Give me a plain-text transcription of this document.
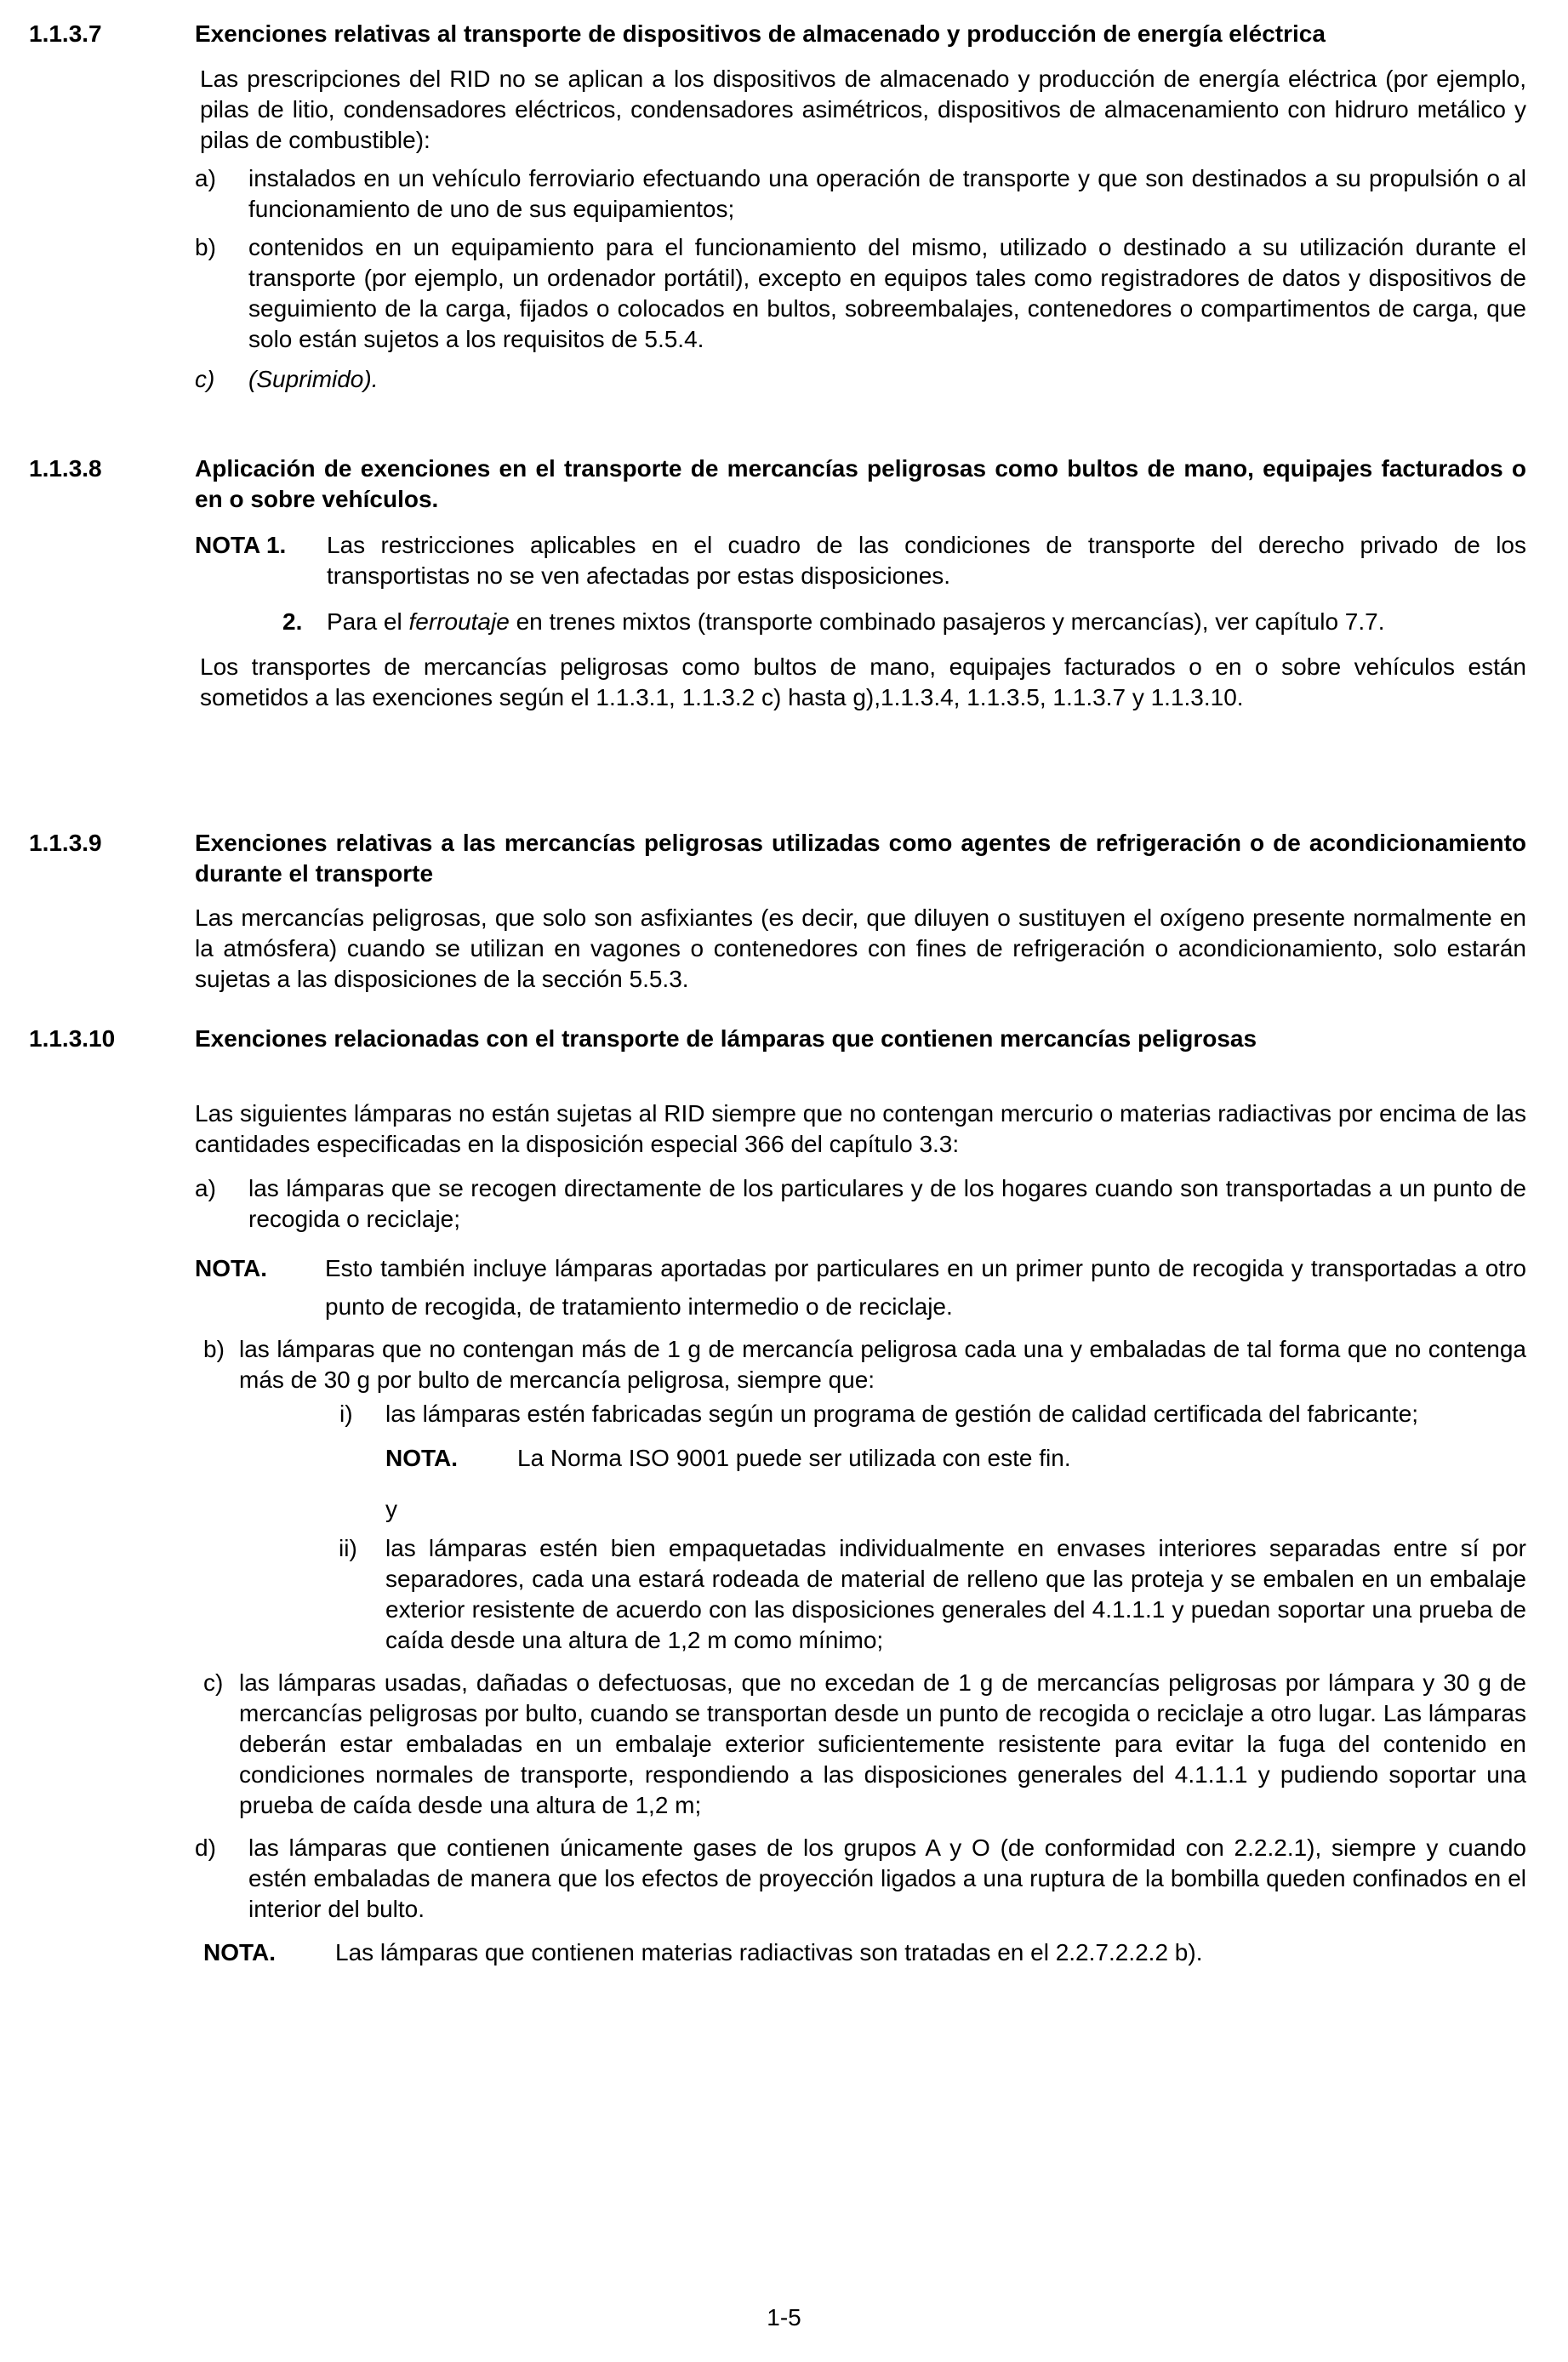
1.1.3.7	Exenciones relativas al transporte de dispositivos de almacenado y producción de energía eléctrica

Las prescripciones del RID no se aplican a los dispositivos de almacenado y producción de energía eléctrica (por ejemplo, pilas de litio, condensadores eléctricos, condensadores asimétricos, dispositivos de almacenamiento con hidruro metálico y pilas de combustible):

a) instalados en un vehículo ferroviario efectuando una operación de transporte y que son destinados a su propulsión o al funcionamiento de uno de sus equipamientos;

b) contenidos en un equipamiento para el funcionamiento del mismo, utilizado o destinado a su utilización durante el transporte (por ejemplo, un ordenador portátil), excepto en equipos tales como registradores de datos y dispositivos de seguimiento de la carga, fijados o colocados en bultos, sobreembalajes, contenedores o compartimentos de carga, que solo están sujetos a los requisitos de 5.5.4.

c) (Suprimido).

1.1.3.8	Aplicación de exenciones en el transporte de mercancías peligrosas como bultos de mano, equipajes facturados o en o sobre vehículos.
NOTA 1. Las restricciones aplicables en el cuadro de las condiciones de transporte del derecho privado de los transportistas no se ven afectadas por estas disposiciones.

2. Para el ferroutaje en trenes mixtos (transporte combinado pasajeros y mercancías), ver capítulo 7.7.

Los transportes de mercancías peligrosas como bultos de mano, equipajes facturados o en o sobre vehículos están sometidos a las exenciones según el 1.1.3.1, 1.1.3.2 c) hasta g),1.1.3.4, 1.1.3.5, 1.1.3.7 y 1.1.3.10.

1.1.3.9	Exenciones relativas a las mercancías peligrosas utilizadas como agentes de refrigeración o de acondicionamiento durante el transporte

Las mercancías peligrosas, que solo son asfixiantes (es decir, que diluyen o sustituyen el oxígeno presente normalmente en la atmósfera) cuando se utilizan en vagones o contenedores con fines de refrigeración o acondicionamiento, solo estarán sujetas a las disposiciones de la sección 5.5.3.

1.1.3.10	Exenciones relacionadas con el transporte de lámparas que contienen mercancías peligrosas

Las siguientes lámparas no están sujetas al RID siempre que no contengan mercurio o materias radiactivas por encima de las cantidades especificadas en la disposición especial 366 del capítulo 3.3:

a) las lámparas que se recogen directamente de los particulares y de los hogares cuando son transportadas a un punto de recogida o reciclaje;

NOTA. Esto también incluye lámparas aportadas por particulares en un primer punto de recogida y transportadas a otro punto de recogida, de tratamiento intermedio o de reciclaje.

b) las lámparas que no contengan más de 1 g de mercancía peligrosa cada una y embaladas de tal forma que no contenga más de 30 g por bulto de mercancía peligrosa, siempre que:

i) las lámparas estén fabricadas según un programa de gestión de calidad certificada del fabricante;

NOTA. La Norma ISO 9001 puede ser utilizada con este fin.

y

ii) las lámparas estén bien empaquetadas individualmente en envases interiores separadas entre sí por separadores, cada una estará rodeada de material de relleno que las proteja y se embalen en un embalaje exterior resistente de acuerdo con las disposiciones generales del 4.1.1.1 y puedan soportar una prueba de caída desde una altura de 1,2 m como mínimo;

c) las lámparas usadas, dañadas o defectuosas, que no excedan de 1 g de mercancías peligrosas por lámpara y 30 g de mercancías peligrosas por bulto, cuando se transportan desde un punto de recogida o reciclaje a otro lugar. Las lámparas deberán estar embaladas en un embalaje exterior suficientemente resistente para evitar la fuga del contenido en condiciones normales de transporte, respondiendo a las disposiciones generales del 4.1.1.1 y pudiendo soportar una prueba de caída desde una altura de 1,2 m;

d) las lámparas que contienen únicamente gases de los grupos A y O (de conformidad con 2.2.2.1), siempre y cuando estén embaladas de manera que los efectos de proyección ligados a una ruptura de la bombilla queden confinados en el interior del bulto.

NOTA. Las lámparas que contienen materias radiactivas son tratadas en el 2.2.7.2.2.2 b).

1-5
